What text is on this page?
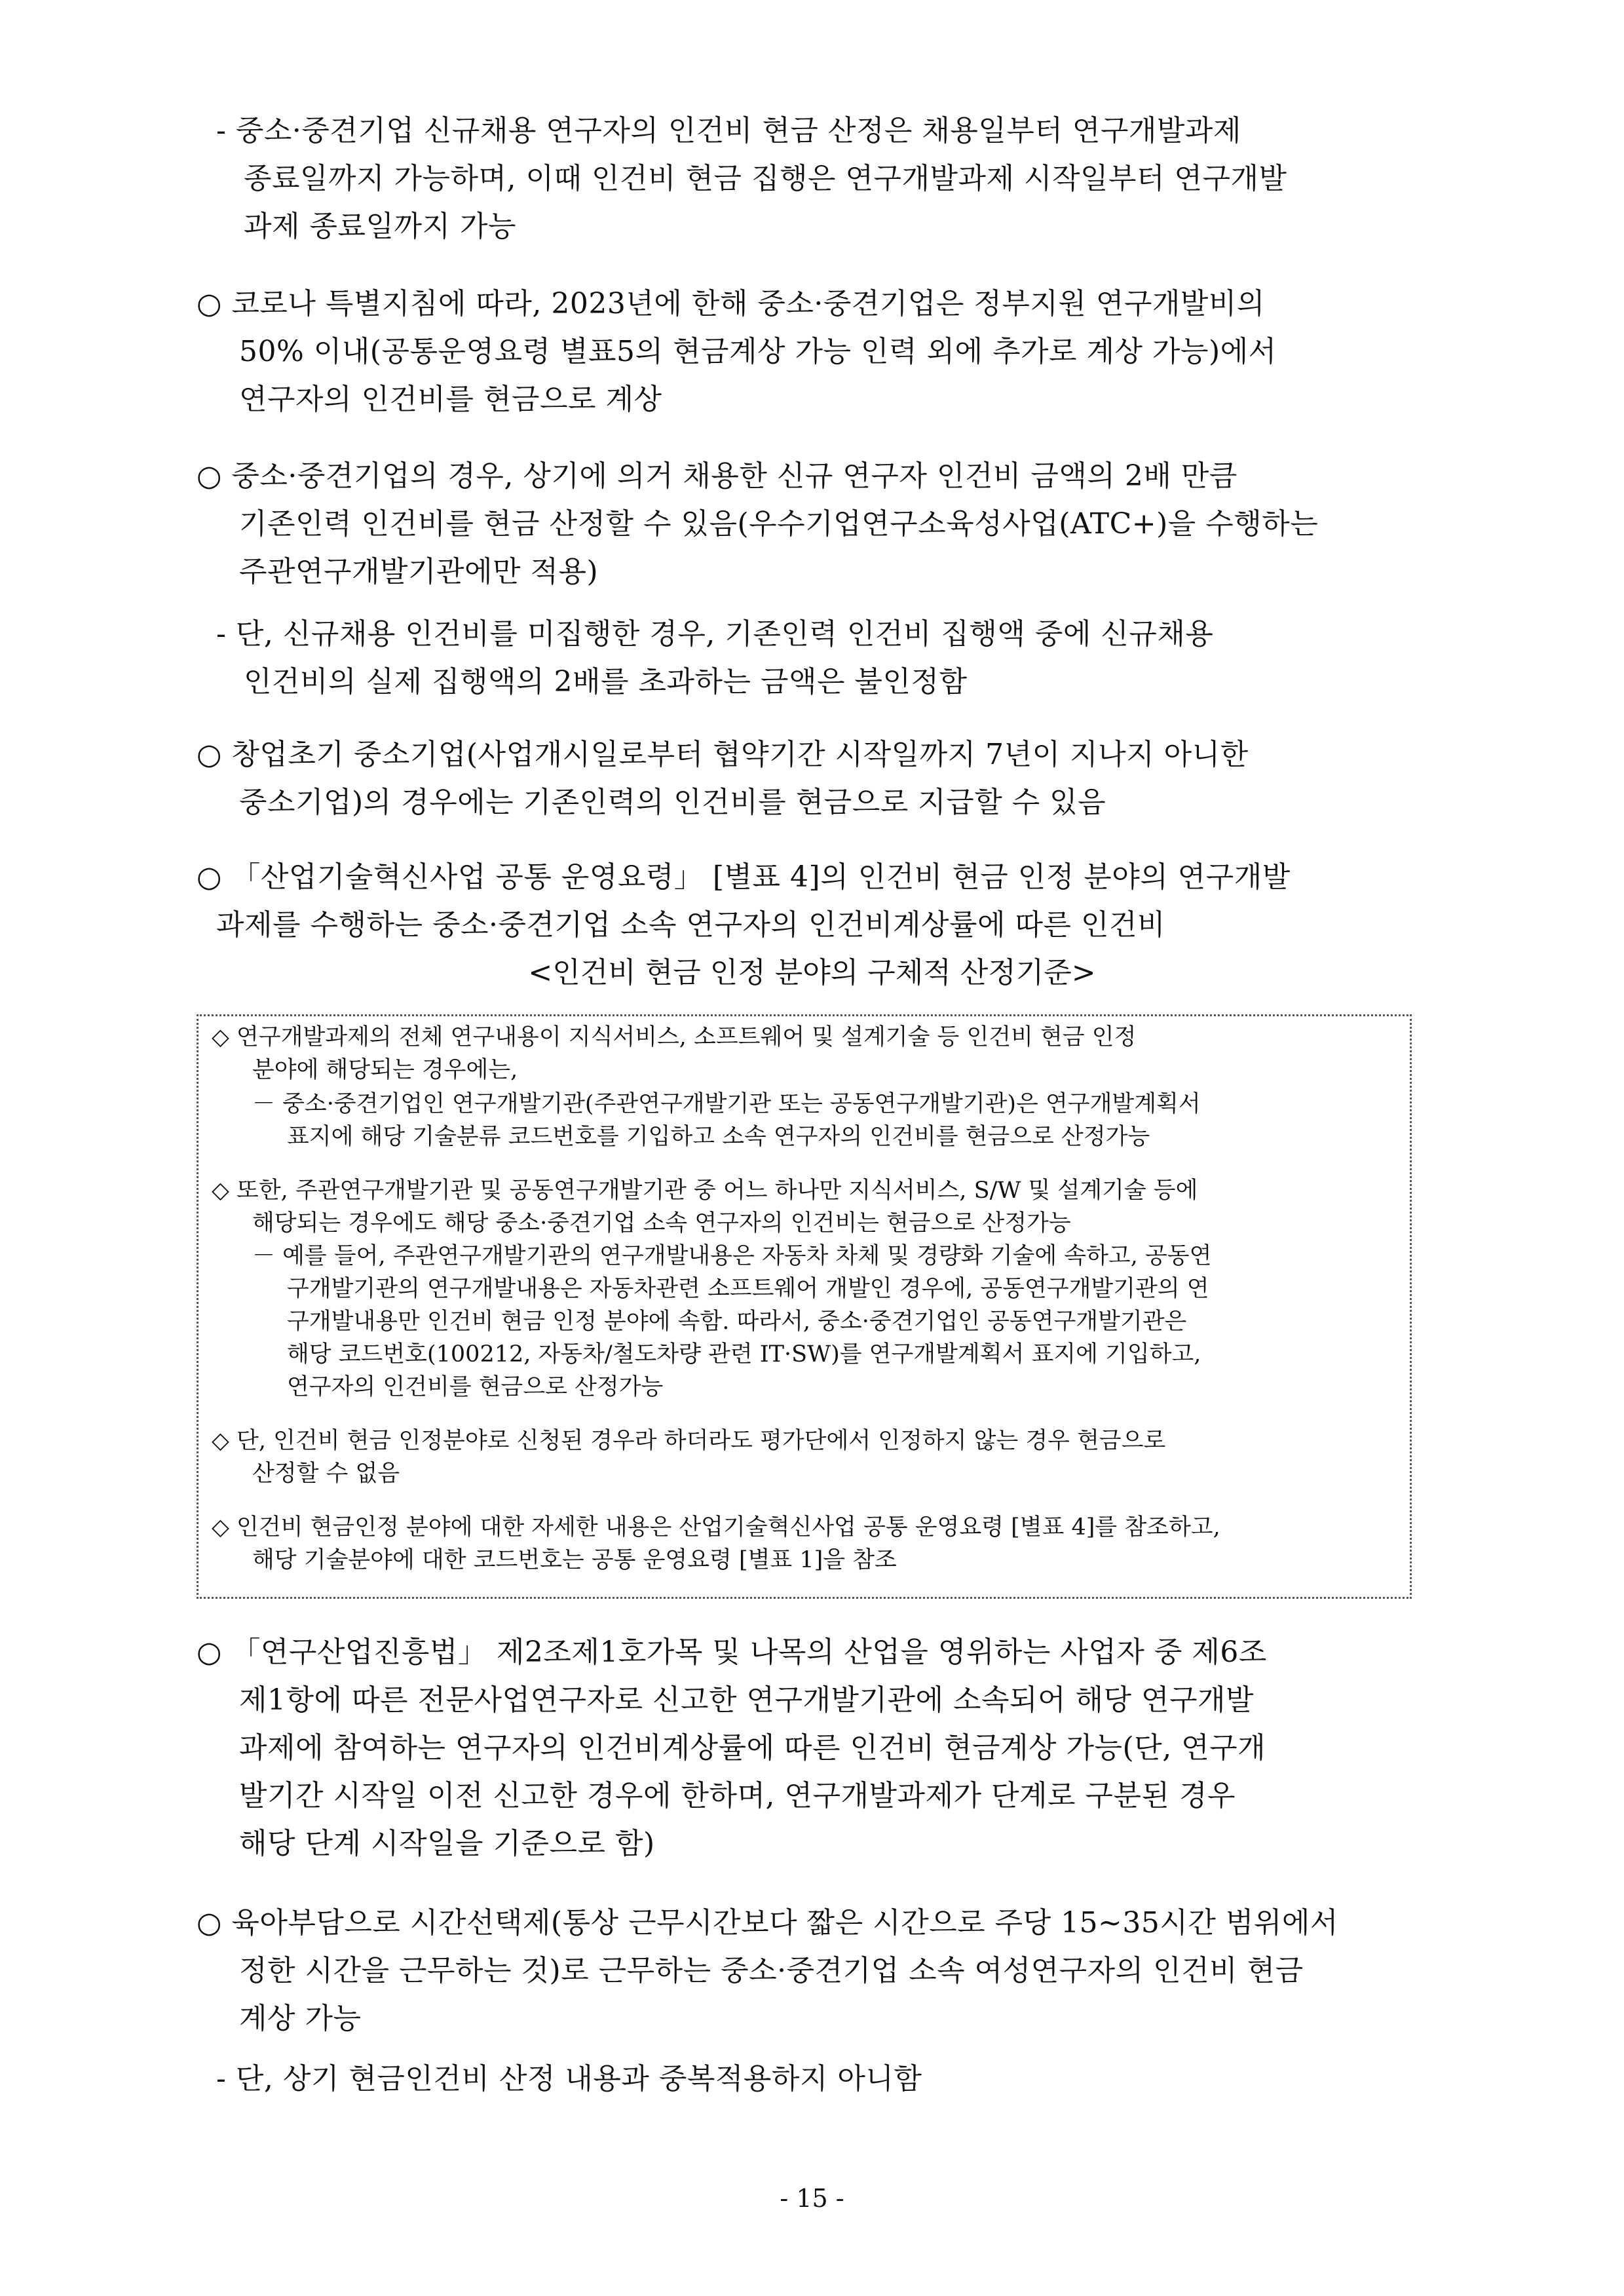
- 중소·중견기업 신규채용 연구자의 인건비 현금 산정은 채용일부터 연구개발과제
종료일까지 가능하며, 이때 인건비 현금 집행은 연구개발과제 시작일부터 연구개발
과제 종료일까지 가능
○ 코로나 특별지침에 따라, 2023년에 한해 중소·중견기업은 정부지원 연구개발비의
50% 이내(공통운영요령 별표5의 현금계상 가능 인력 외에 추가로 계상 가능)에서
연구자의 인건비를 현금으로 계상
○ 중소·중견기업의 경우, 상기에 의거 채용한 신규 연구자 인건비 금액의 2배 만큼
기존인력 인건비를 현금 산정할 수 있음(우수기업연구소육성사업(ATC+)을 수행하는
주관연구개발기관에만 적용)
- 단, 신규채용 인건비를 미집행한 경우, 기존인력 인건비 집행액 중에 신규채용
인건비의 실제 집행액의 2배를 초과하는 금액은 불인정함
○ 창업초기 중소기업(사업개시일로부터 협약기간 시작일까지 7년이 지나지 아니한
중소기업)의 경우에는 기존인력의 인건비를 현금으로 지급할 수 있음
○ 「산업기술혁신사업 공통 운영요령」 [별표 4]의 인건비 현금 인정 분야의 연구개발
과제를 수행하는 중소·중견기업 소속 연구자의 인건비계상률에 따른 인건비
<인건비 현금 인정 분야의 구체적 산정기준>
◇ 연구개발과제의 전체 연구내용이 지식서비스, 소프트웨어 및 설계기술 등 인건비 현금 인정
분야에 해당되는 경우에는,
－ 중소·중견기업인 연구개발기관(주관연구개발기관 또는 공동연구개발기관)은 연구개발계획서
표지에 해당 기술분류 코드번호를 기입하고 소속 연구자의 인건비를 현금으로 산정가능
◇ 또한, 주관연구개발기관 및 공동연구개발기관 중 어느 하나만 지식서비스, S/W 및 설계기술 등에
해당되는 경우에도 해당 중소·중견기업 소속 연구자의 인건비는 현금으로 산정가능
－ 예를 들어, 주관연구개발기관의 연구개발내용은 자동차 차체 및 경량화 기술에 속하고, 공동연
구개발기관의 연구개발내용은 자동차관련 소프트웨어 개발인 경우에, 공동연구개발기관의 연
구개발내용만 인건비 현금 인정 분야에 속함. 따라서, 중소·중견기업인 공동연구개발기관은
해당 코드번호(100212, 자동차/철도차량 관련 IT·SW)를 연구개발계획서 표지에 기입하고,
연구자의 인건비를 현금으로 산정가능
◇ 단, 인건비 현금 인정분야로 신청된 경우라 하더라도 평가단에서 인정하지 않는 경우 현금으로
산정할 수 없음
◇ 인건비 현금인정 분야에 대한 자세한 내용은 산업기술혁신사업 공통 운영요령 [별표 4]를 참조하고,
해당 기술분야에 대한 코드번호는 공통 운영요령 [별표 1]을 참조
○ 「연구산업진흥법」 제2조제1호가목 및 나목의 산업을 영위하는 사업자 중 제6조
제1항에 따른 전문사업연구자로 신고한 연구개발기관에 소속되어 해당 연구개발
과제에 참여하는 연구자의 인건비계상률에 따른 인건비 현금계상 가능(단, 연구개
발기간 시작일 이전 신고한 경우에 한하며, 연구개발과제가 단계로 구분된 경우
해당 단계 시작일을 기준으로 함)
○ 육아부담으로 시간선택제(통상 근무시간보다 짧은 시간으로 주당 15~35시간 범위에서
정한 시간을 근무하는 것)로 근무하는 중소·중견기업 소속 여성연구자의 인건비 현금
계상 가능
- 단, 상기 현금인건비 산정 내용과 중복적용하지 아니함
- 15 -
